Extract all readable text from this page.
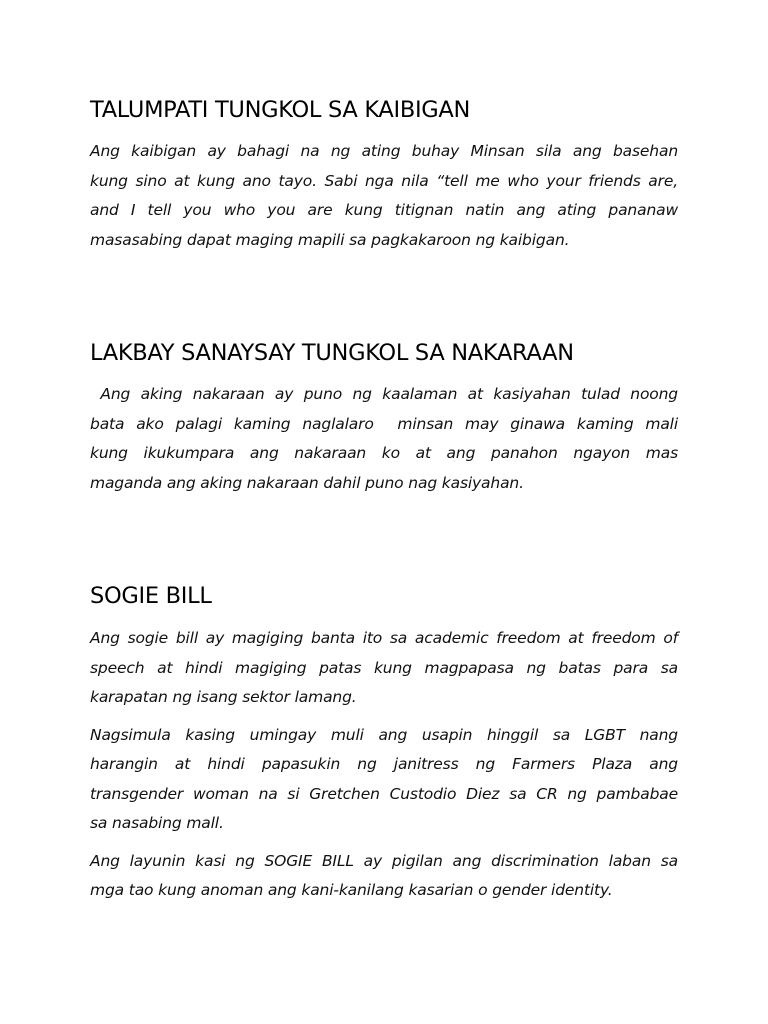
TALUMPATI TUNGKOL SA KAIBIGAN

Ang kaibigan ay bahagi na ng ating buhay Minsan sila ang basehan
kung sino at kung ano tayo. Sabi nga nila “tell me who your friends are,
and I tell you who you are kung titignan natin ang ating pananaw
masasabing dapat maging mapili sa pagkakaroon ng kaibigan.

LAKBAY SANAYSAY TUNGKOL SA NAKARAAN

Ang aking nakaraan ay puno ng kaalaman at kasiyahan tulad noong
bata ako palagi kaming naglalaro  minsan may ginawa kaming mali
kung ikukumpara ang nakaraan ko at ang panahon ngayon mas
maganda ang aking nakaraan dahil puno nag kasiyahan.

SOGIE BILL

Ang sogie bill ay magiging banta ito sa academic freedom at freedom of
speech at hindi magiging patas kung magpapasa ng batas para sa
karapatan ng isang sektor lamang.

Nagsimula kasing umingay muli ang usapin hinggil sa LGBT nang
harangin at hindi papasukin ng janitress ng Farmers Plaza ang
transgender woman na si Gretchen Custodio Diez sa CR ng pambabae
sa nasabing mall.

Ang layunin kasi ng SOGIE BILL ay pigilan ang discrimination laban sa
mga tao kung anoman ang kani-kanilang kasarian o gender identity.
